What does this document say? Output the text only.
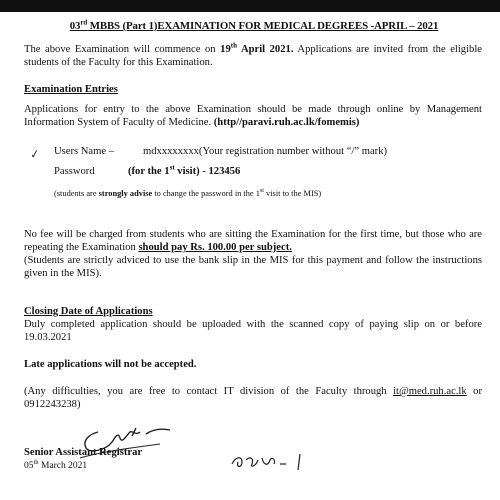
03rd MBBS (Part 1)EXAMINATION FOR MEDICAL DEGREES -APRIL – 2021
The above Examination will commence on 19th April 2021. Applications are invited from the eligible students of the Faculty for this Examination.
Examination Entries
Applications for entry to the above Examination should be made through online by Management Information System of Faculty of Medicine. (http//paravi.ruh.ac.lk/fomemis)
✓ Users Name –	mdxxxxxxxx(Your registration number without “/” mark)
Password	(for the 1st visit) - 123456
(students are strongly advise to change the password in the 1st visit to the MIS)
No fee will be charged from students who are sitting the Examination for the first time, but those who are repeating the Examination should pay Rs. 100.00 per subject.
(Students are strictly adviced to use the bank slip in the MIS for this payment and follow the instructions given in the MIS).
Closing Date of Applications
Duly completed application should be uploaded with the scanned copy of paying slip on or before 19.03.2021
Late applications will not be accepted.
(Any difficulties, you are free to contact IT division of the Faculty through it@med.ruh.ac.lk or 0912243238)
Senior Assistant Registrar
05th March 2021
